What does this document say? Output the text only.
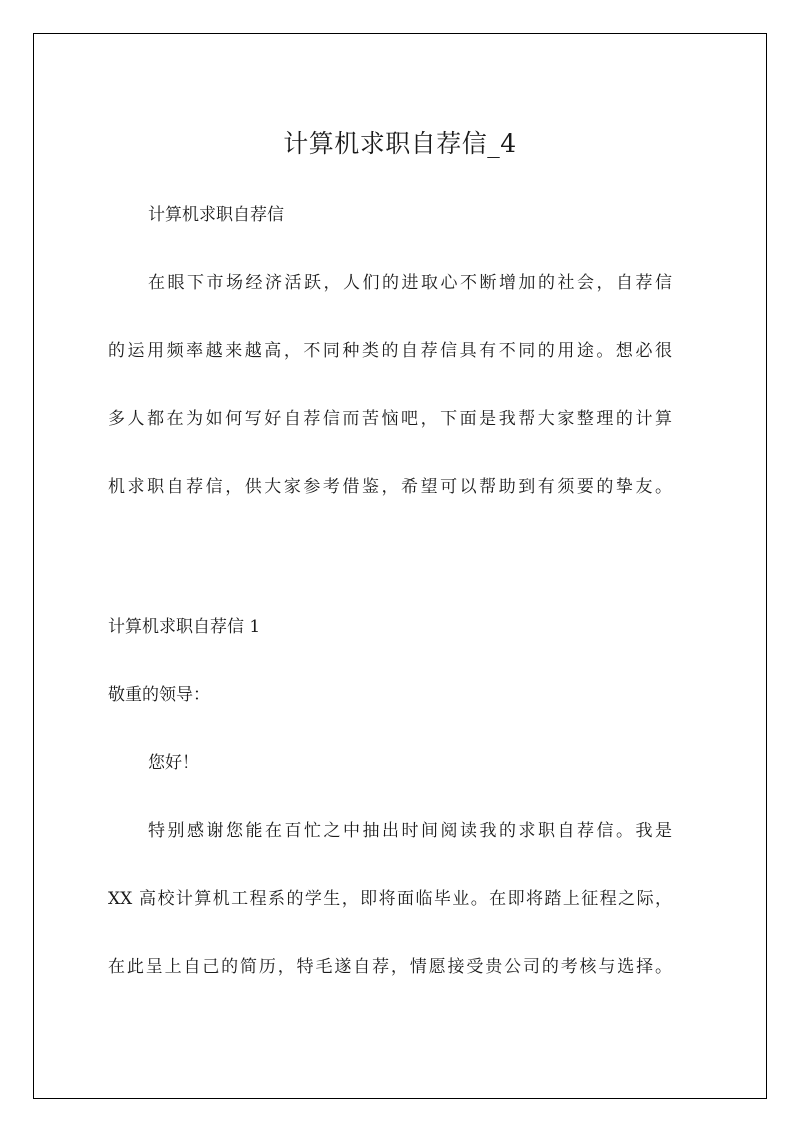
计算机求职自荐信_4
计算机求职自荐信
在眼下市场经济活跃，人们的进取心不断增加的社会，自荐信
的运用频率越来越高，不同种类的自荐信具有不同的用途。想必很
多人都在为如何写好自荐信而苦恼吧，下面是我帮大家整理的计算
机求职自荐信，供大家参考借鉴，希望可以帮助到有须要的挚友。
计算机求职自荐信 1
敬重的领导：
您好！
特别感谢您能在百忙之中抽出时间阅读我的求职自荐信。我是
XX 高校计算机工程系的学生，即将面临毕业。在即将踏上征程之际，
在此呈上自己的简历，特毛遂自荐，情愿接受贵公司的考核与选择。
